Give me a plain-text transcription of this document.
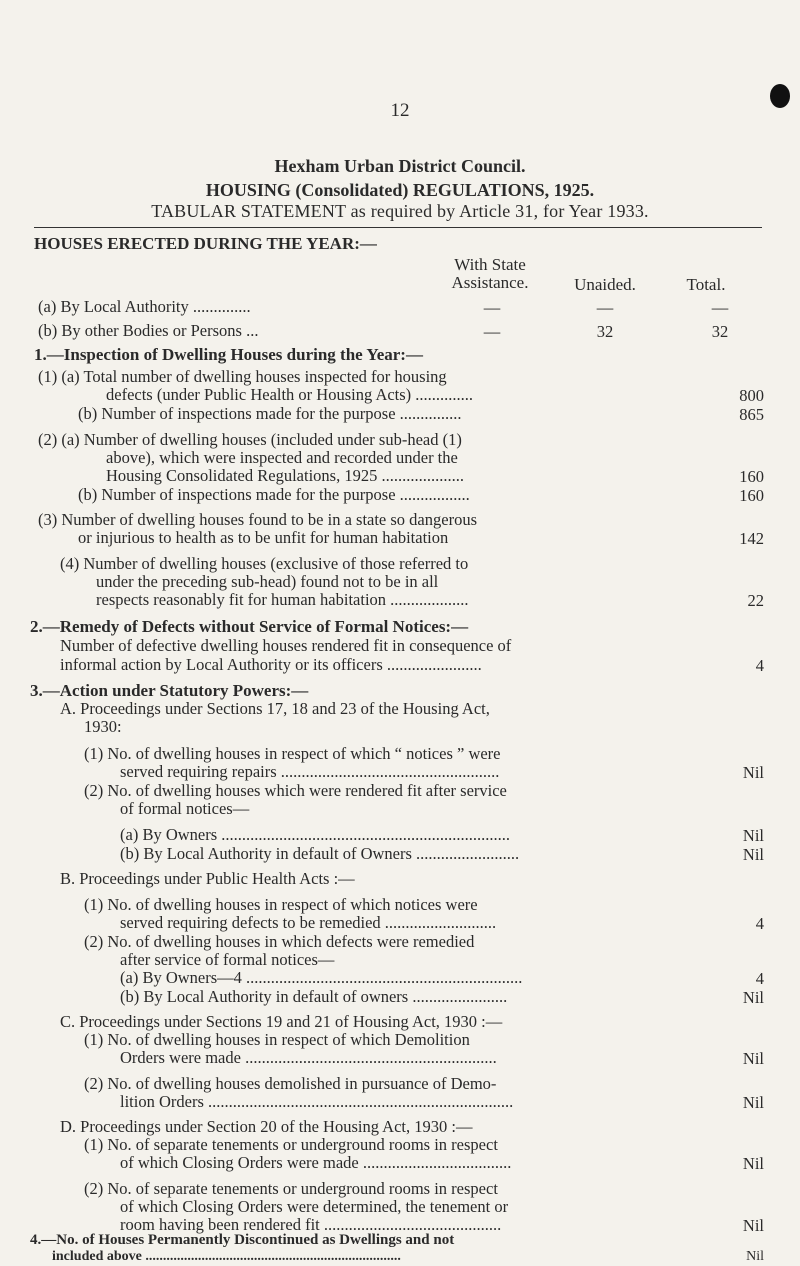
12
Hexham Urban District Council.
HOUSING (Consolidated) REGULATIONS, 1925.
TABULAR STATEMENT as required by Article 31, for Year 1933.
HOUSES ERECTED DURING THE YEAR:—
With State Assistance.	Unaided.	Total.
(a) By Local Authority ..............	—	—	—
(b) By other Bodies or Persons ...	—	32	32
1.—Inspection of Dwelling Houses during the Year:—
(1) (a) Total number of dwelling houses inspected for housing
defects (under Public Health or Housing Acts) ..............	800
(b) Number of inspections made for the purpose ...............	865
(2) (a) Number of dwelling houses (included under sub-head (1)
above), which were inspected and recorded under the
Housing Consolidated Regulations, 1925 ....................	160
(b) Number of inspections made for the purpose .................	160
(3) Number of dwelling houses found to be in a state so dangerous
or injurious to health as to be unfit for human habitation	142
(4) Number of dwelling houses (exclusive of those referred to
under the preceding sub-head) found not to be in all
respects reasonably fit for human habitation ...................	22
2.—Remedy of Defects without Service of Formal Notices:—
Number of defective dwelling houses rendered fit in consequence of
informal action by Local Authority or its officers .......................	4
3.—Action under Statutory Powers:—
A. Proceedings under Sections 17, 18 and 23 of the Housing Act,
1930:
(1) No. of dwelling houses in respect of which “ notices ” were
served requiring repairs .....................................................	Nil
(2) No. of dwelling houses which were rendered fit after service
of formal notices—
(a) By Owners ......................................................................	Nil
(b) By Local Authority in default of Owners .........................	Nil
B. Proceedings under Public Health Acts :—
(1) No. of dwelling houses in respect of which notices were
served requiring defects to be remedied ...........................	4
(2) No. of dwelling houses in which defects were remedied
after service of formal notices—
(a) By Owners—4 ...................................................................	4
(b) By Local Authority in default of owners .......................	Nil
C. Proceedings under Sections 19 and 21 of Housing Act, 1930 :—
(1) No. of dwelling houses in respect of which Demolition
Orders were made .............................................................	Nil
(2) No. of dwelling houses demolished in pursuance of Demo-
lition Orders ..........................................................................	Nil
D. Proceedings under Section 20 of the Housing Act, 1930 :—
(1) No. of separate tenements or underground rooms in respect
of which Closing Orders were made ....................................	Nil
(2) No. of separate tenements or underground rooms in respect
of which Closing Orders were determined, the tenement or
room having been rendered fit ...........................................	Nil
4.—No. of Houses Permanently Discontinued as Dwellings and not
included above .........................................................................	Nil
